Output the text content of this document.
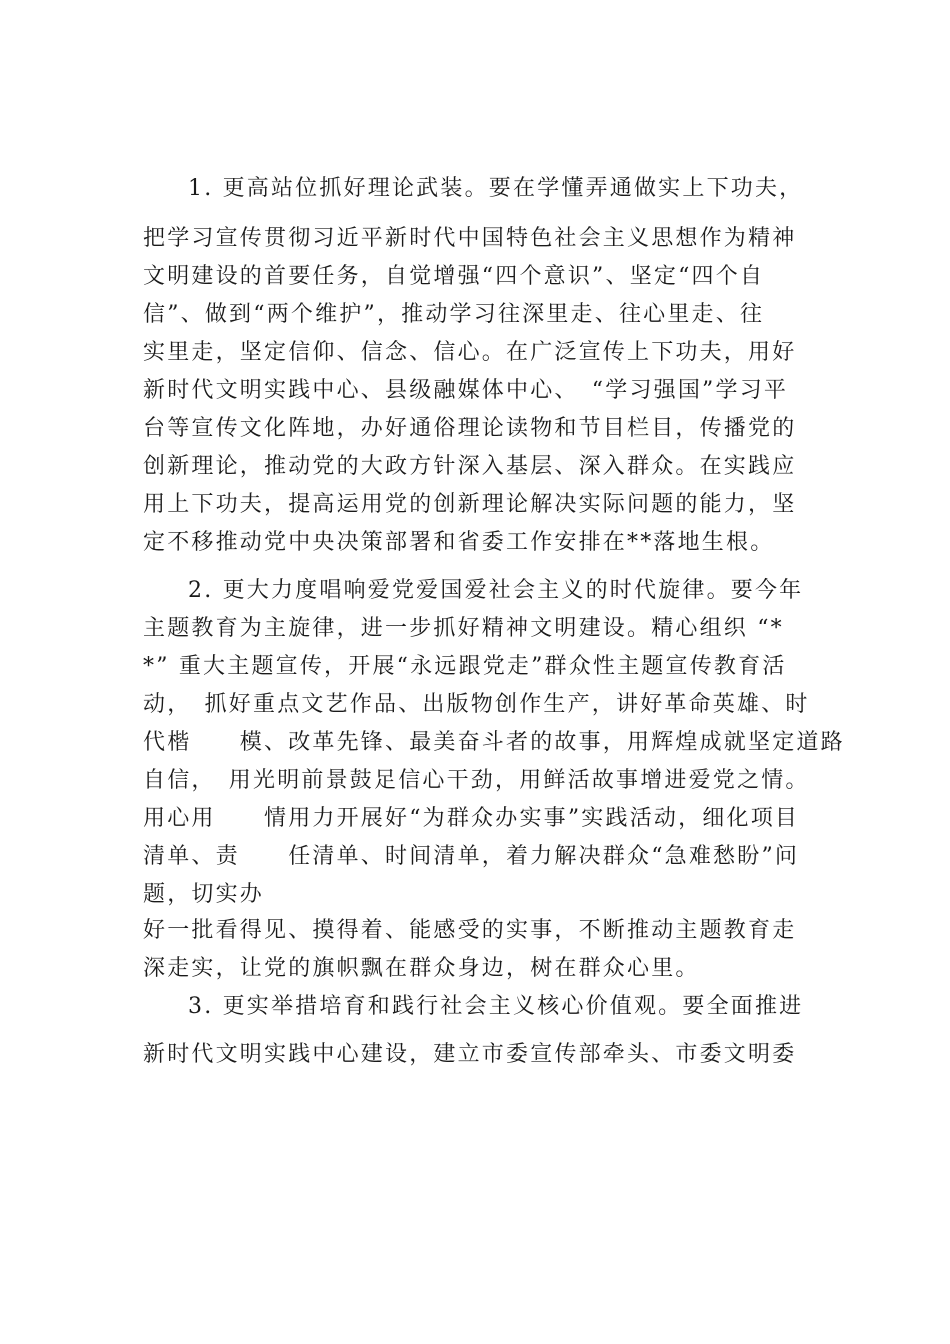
1. 更高站位抓好理论武装。要在学懂弄通做实上下功夫，
把学习宣传贯彻习近平新时代中国特色社会主义思想作为精神
文明建设的首要任务，自觉增强“四个意识”、坚定“四个自
信”、做到“两个维护”，推动学习往深里走、往心里走、往
实里走，坚定信仰、信念、信心。在广泛宣传上下功夫，用好
新时代文明实践中心、县级融媒体中心、　“学习强国”学习平
台等宣传文化阵地，办好通俗理论读物和节目栏目，传播党的
创新理论，推动党的大政方针深入基层、深入群众。在实践应
用上下功夫，提高运用党的创新理论解决实际问题的能力，坚
定不移推动党中央决策部署和省委工作安排在**落地生根。
2. 更大力度唱响爱党爱国爱社会主义的时代旋律。要今年
主题教育为主旋律，进一步抓好精神文明建设。精心组织 “*
*” 重大主题宣传，开展“永远跟党走”群众性主题宣传教育活
动，　抓好重点文艺作品、出版物创作生产，讲好革命英雄、时
代楷　　模、改革先锋、最美奋斗者的故事，用辉煌成就坚定道路
自信，　用光明前景鼓足信心干劲，用鲜活故事增进爱党之情。
用心用　　情用力开展好“为群众办实事”实践活动，细化项目
清单、责　　任清单、时间清单，着力解决群众“急难愁盼”问
题，切实办
好一批看得见、摸得着、能感受的实事，不断推动主题教育走
深走实，让党的旗帜飘在群众身边，树在群众心里。
3. 更实举措培育和践行社会主义核心价值观。要全面推进
新时代文明实践中心建设，建立市委宣传部牵头、市委文明委
